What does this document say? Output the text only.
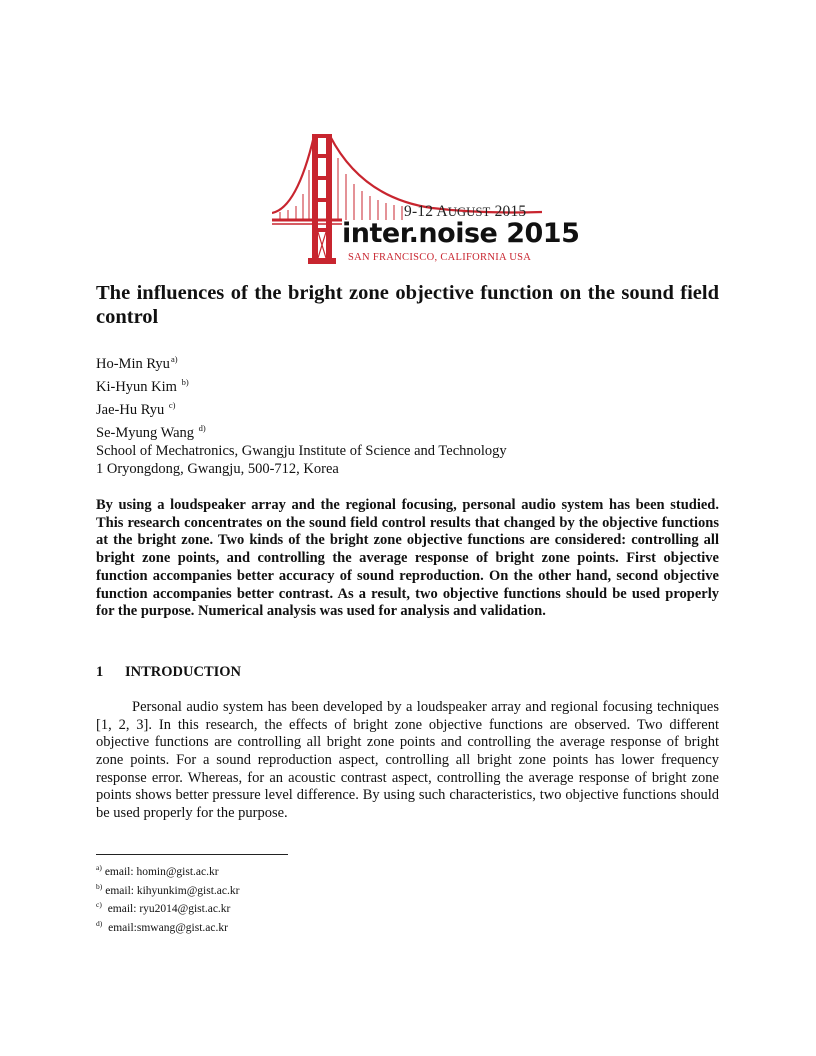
9-12 AUGUST 2015
inter.noise 2015
SAN FRANCISCO, CALIFORNIA USA
The influences of the bright zone objective function on the sound field control
Ho-Min Ryu$^{a)}$
Ki-Hyun Kim $^{b)}$
Jae-Hu Ryu $^{c)}$
Se-Myung Wang $^{d)}$
School of Mechatronics, Gwangju Institute of Science and Technology
1 Oryongdong, Gwangju, 500-712, Korea
By using a loudspeaker array and the regional focusing, personal audio system has been studied. This research concentrates on the sound field control results that changed by the objective functions at the bright zone. Two kinds of the bright zone objective functions are considered: controlling all bright zone points, and controlling the average response of bright zone points. First objective function accompanies better accuracy of sound reproduction. On the other hand, second objective function accompanies better contrast. As a result, two objective functions should be used properly for the purpose. Numerical analysis was used for analysis and validation.
1 INTRODUCTION
Personal audio system has been developed by a loudspeaker array and regional focusing techniques [1, 2, 3]. In this research, the effects of bright zone objective functions are observed. Two different objective functions are controlling all bright zone points and controlling the average response of bright zone points. For a sound reproduction aspect, controlling all bright zone points has lower frequency response error. Whereas, for an acoustic contrast aspect, controlling the average response of bright zone points shows better pressure level difference. By using such characteristics, two objective functions should be used properly for the purpose.
$^{a)}$ email: homin@gist.ac.kr
$^{b)}$ email: kihyunkim@gist.ac.kr
$^{c)}$ email: ryu2014@gist.ac.kr
$^{d)}$ email:smwang@gist.ac.kr
